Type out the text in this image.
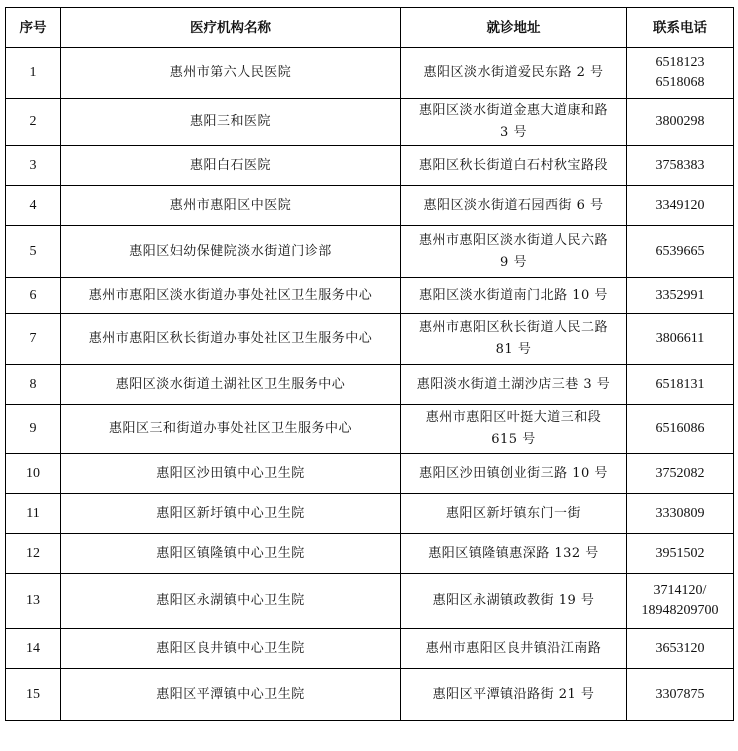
序号	医疗机构名称	就诊地址	联系电话
1	惠州市第六人民医院	惠阳区淡水街道爱民东路 2 号	6518123
6518068

2	惠阳三和医院	惠阳区淡水街道金惠大道康和路
3 号	3800298

3	惠阳白石医院	惠阳区秋长街道白石村秋宝路段	3758383

4	惠州市惠阳区中医院	惠阳区淡水街道石园西街 6 号	3349120

5	惠阳区妇幼保健院淡水街道门诊部	惠州市惠阳区淡水街道人民六路
9 号	6539665

6	惠州市惠阳区淡水街道办事处社区卫生服务中心	惠阳区淡水街道南门北路 10 号	3352991

7	惠州市惠阳区秋长街道办事处社区卫生服务中心	惠州市惠阳区秋长街道人民二路
81 号	3806611

8	惠阳区淡水街道土湖社区卫生服务中心	惠阳淡水街道土湖沙店三巷 3 号	6518131

9	惠阳区三和街道办事处社区卫生服务中心	惠州市惠阳区叶挺大道三和段
615 号	6516086

10	惠阳区沙田镇中心卫生院	惠阳区沙田镇创业街三路 10 号	3752082

11	惠阳区新圩镇中心卫生院	惠阳区新圩镇东门一街	3330809

12	惠阳区镇隆镇中心卫生院	惠阳区镇隆镇惠深路 132 号	3951502

13	惠阳区永湖镇中心卫生院	惠阳区永湖镇政教街 19 号	3714120/
18948209700

14	惠阳区良井镇中心卫生院	惠州市惠阳区良井镇沿江南路	3653120

15	惠阳区平潭镇中心卫生院	惠阳区平潭镇沿路街 21 号	3307875
